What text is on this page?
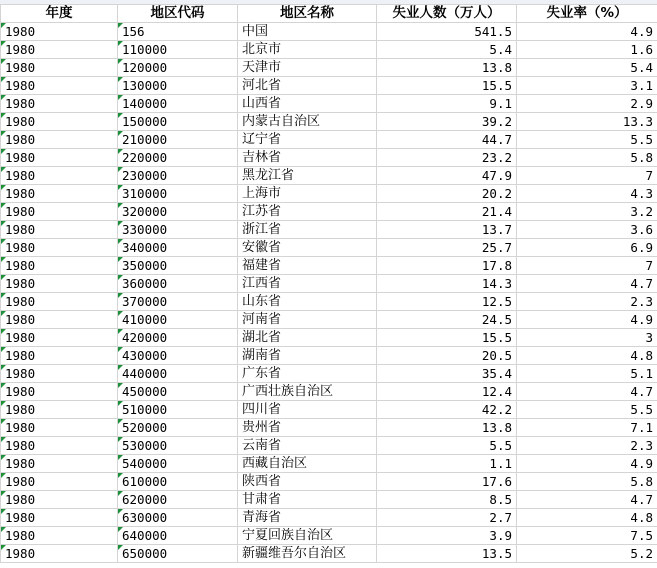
年度	地区代码	地区名称	失业人数（万人）	失业率（%）

1980	156	中国	541.5	4.9

1980	110000	北京市	5.4	1.6

1980	120000	天津市	13.8	5.4

1980	130000	河北省	15.5	3.1

1980	140000	山西省	9.1	2.9

1980	150000	内蒙古自治区	39.2	13.3

1980	210000	辽宁省	44.7	5.5

1980	220000	吉林省	23.2	5.8

1980	230000	黑龙江省	47.9	7

1980	310000	上海市	20.2	4.3

1980	320000	江苏省	21.4	3.2

1980	330000	浙江省	13.7	3.6

1980	340000	安徽省	25.7	6.9

1980	350000	福建省	17.8	7

1980	360000	江西省	14.3	4.7

1980	370000	山东省	12.5	2.3

1980	410000	河南省	24.5	4.9

1980	420000	湖北省	15.5	3

1980	430000	湖南省	20.5	4.8

1980	440000	广东省	35.4	5.1

1980	450000	广西壮族自治区	12.4	4.7

1980	510000	四川省	42.2	5.5

1980	520000	贵州省	13.8	7.1

1980	530000	云南省	5.5	2.3

1980	540000	西藏自治区	1.1	4.9

1980	610000	陕西省	17.6	5.8

1980	620000	甘肃省	8.5	4.7

1980	630000	青海省	2.7	4.8

1980	640000	宁夏回族自治区	3.9	7.5

1980	650000	新疆维吾尔自治区	13.5	5.2
